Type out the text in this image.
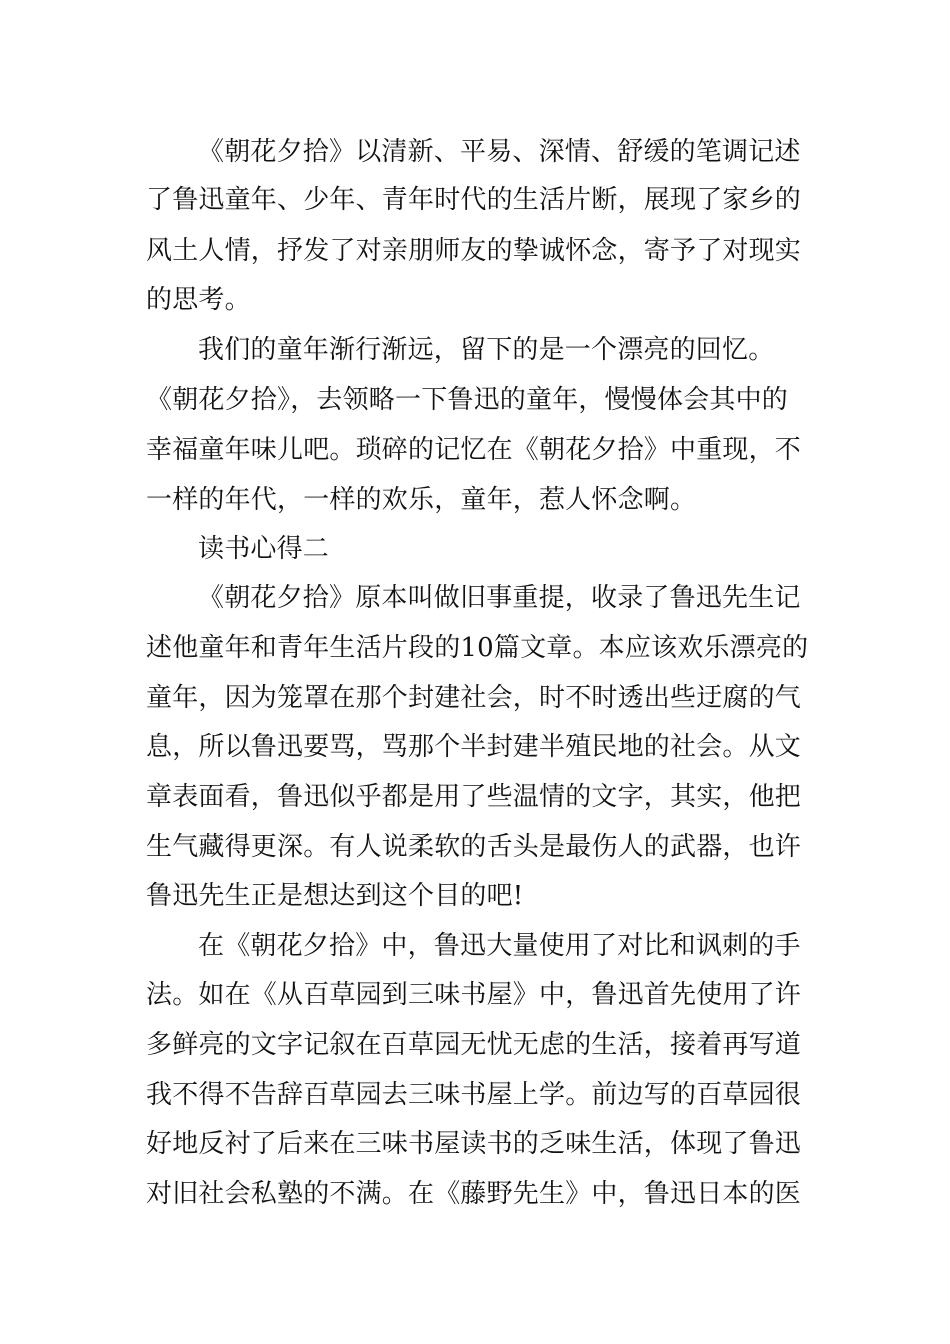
《朝花夕拾》以清新、平易、深情、舒缓的笔调记述
了鲁迅童年、少年、青年时代的生活片断，展现了家乡的
风土人情，抒发了对亲朋师友的挚诚怀念，寄予了对现实
的思考。
我们的童年渐行渐远，留下的是一个漂亮的回忆。
《朝花夕拾》，去领略一下鲁迅的童年，慢慢体会其中的
幸福童年味儿吧。琐碎的记忆在《朝花夕拾》中重现，不
一样的年代，一样的欢乐，童年，惹人怀念啊。
读书心得二
《朝花夕拾》原本叫做旧事重提，收录了鲁迅先生记
述他童年和青年生活片段的10篇文章。本应该欢乐漂亮的
童年，因为笼罩在那个封建社会，时不时透出些迂腐的气
息，所以鲁迅要骂，骂那个半封建半殖民地的社会。从文
章表面看，鲁迅似乎都是用了些温情的文字，其实，他把
生气藏得更深。有人说柔软的舌头是最伤人的武器，也许
鲁迅先生正是想达到这个目的吧!
在《朝花夕拾》中，鲁迅大量使用了对比和讽刺的手
法。如在《从百草园到三味书屋》中，鲁迅首先使用了许
多鲜亮的文字记叙在百草园无忧无虑的生活，接着再写道
我不得不告辞百草园去三味书屋上学。前边写的百草园很
好地反衬了后来在三味书屋读书的乏味生活，体现了鲁迅
对旧社会私塾的不满。在《藤野先生》中，鲁迅日本的医
